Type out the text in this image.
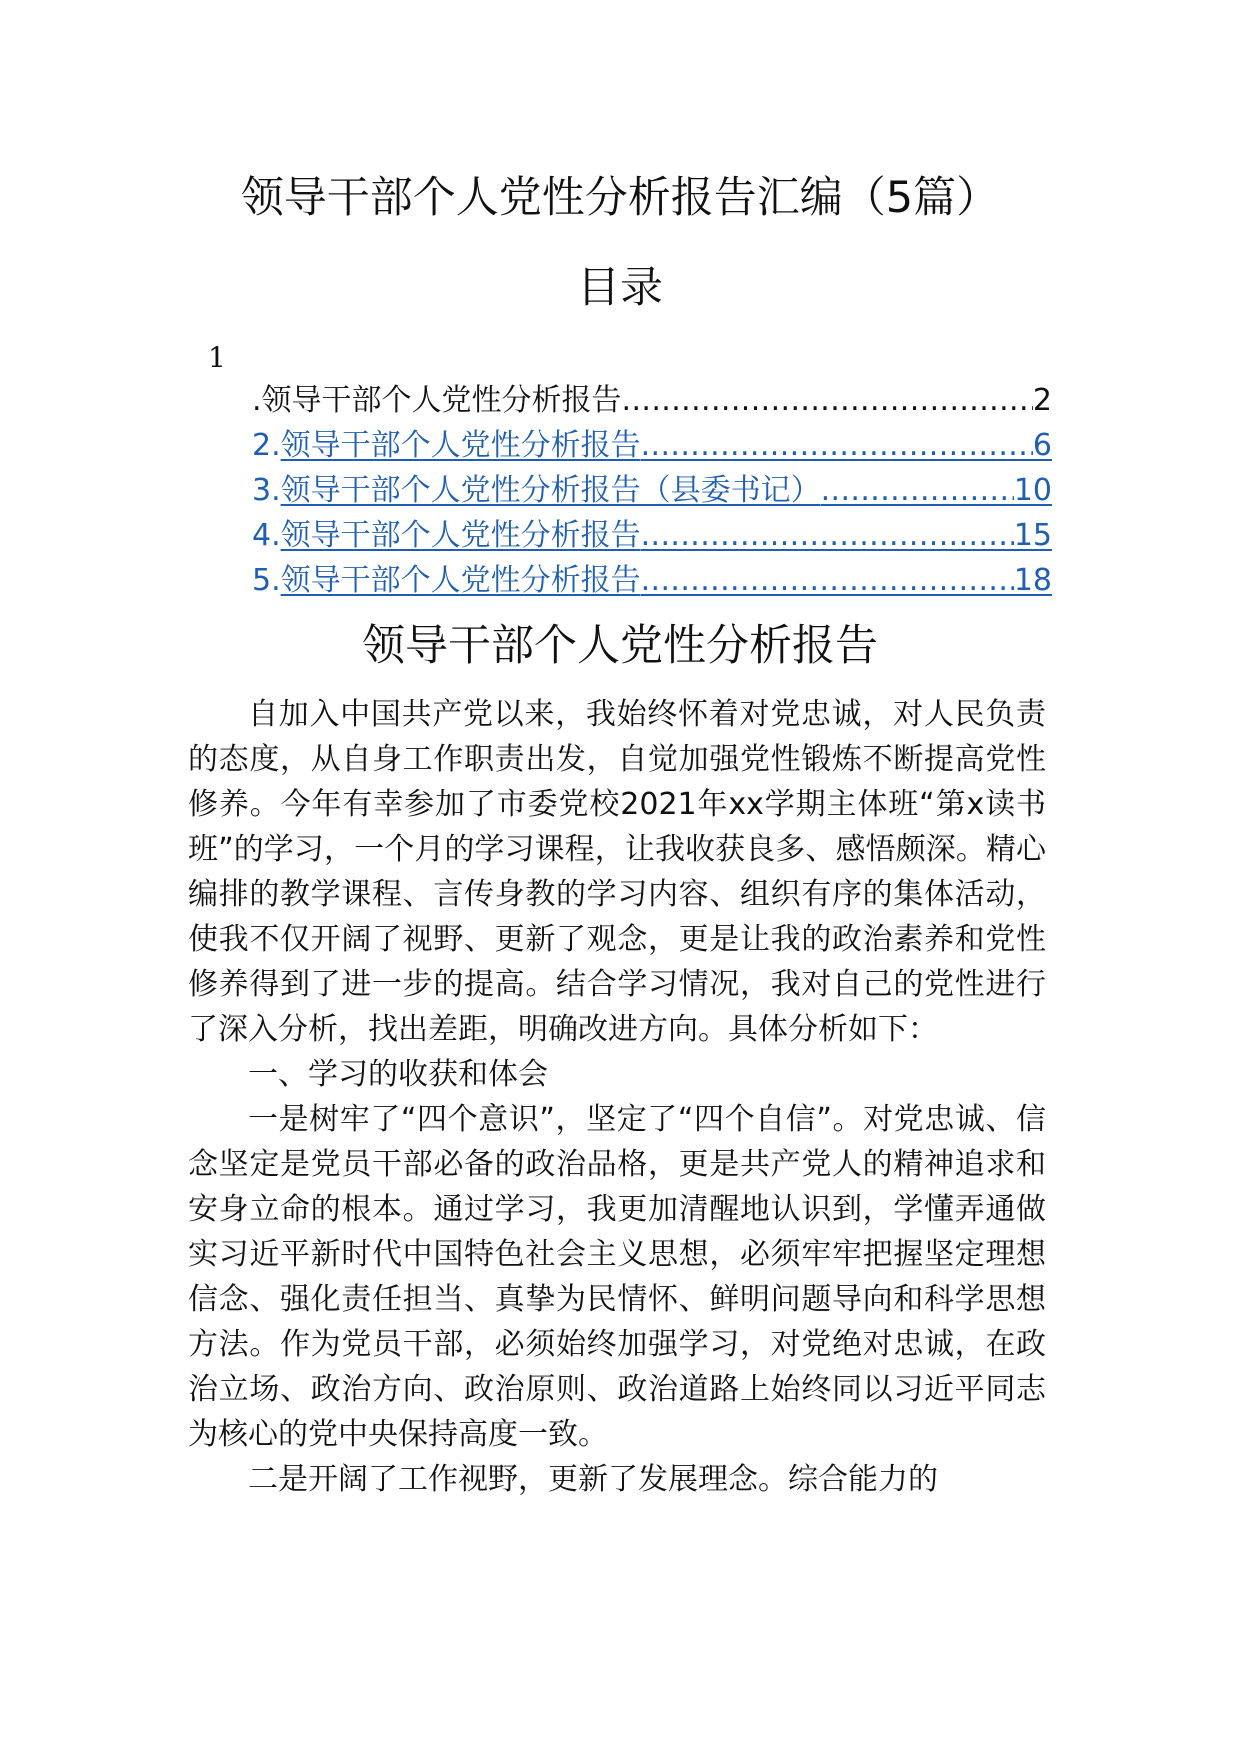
领导干部个人党性分析报告汇编（5篇）
目录
1
.领导干部个人党性分析报告 .....	2
2. 领导干部个人党性分析报告 .....	6
3. 领导干部个人党性分析报告（县委书记） .....	10
4. 领导干部个人党性分析报告 .....	15
5. 领导干部个人党性分析报告 .....	18
领导干部个人党性分析报告

自加入中国共产党以来，我始终怀着对党忠诚，对人民负责的态度，从自身工作职责出发，自觉加强党性锻炼不断提高党性修养。今年有幸参加了市委党校2021年xx学期主体班“第x读书班”的学习，一个月的学习课程，让我收获良多、感悟颇深。精心编排的教学课程、言传身教的学习内容、组织有序的集体活动，使我不仅开阔了视野、更新了观念，更是让我的政治素养和党性修养得到了进一步的提高。结合学习情况，我对自己的党性进行了深入分析，找出差距，明确改进方向。具体分析如下：

一、学习的收获和体会

一是树牢了“四个意识”，坚定了“四个自信”。对党忠诚、信念坚定是党员干部必备的政治品格，更是共产党人的精神追求和安身立命的根本。通过学习，我更加清醒地认识到，学懂弄通做实习近平新时代中国特色社会主义思想，必须牢牢把握坚定理想信念、强化责任担当、真挚为民情怀、鲜明问题导向和科学思想方法。作为党员干部，必须始终加强学习，对党绝对忠诚，在政治立场、政治方向、政治原则、政治道路上始终同以习近平同志为核心的党中央保持高度一致。

二是开阔了工作视野，更新了发展理念。综合能力的
